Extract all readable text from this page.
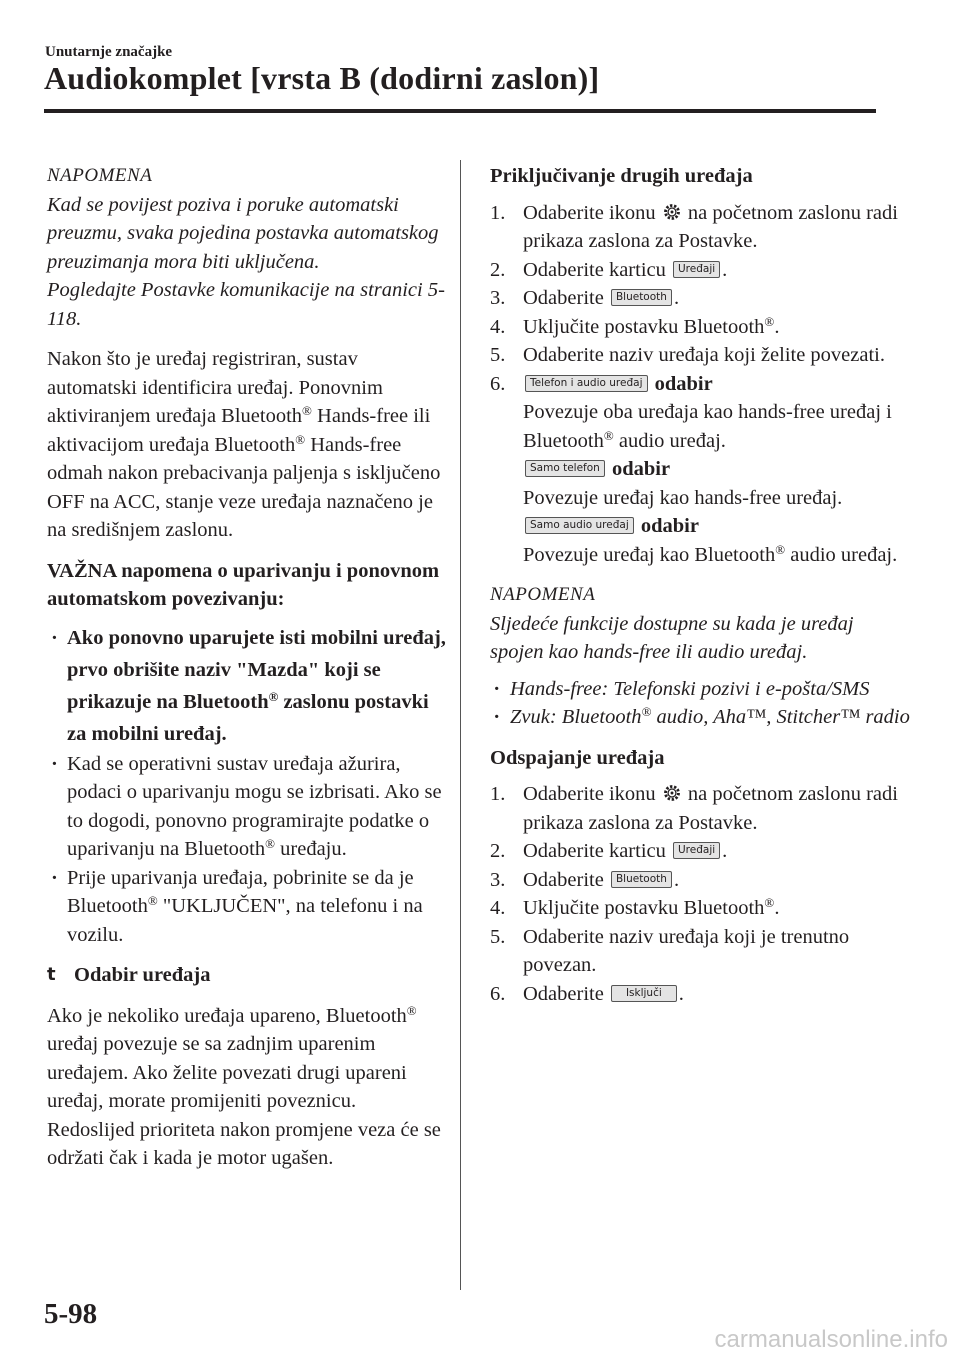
Unutarnje značajke
Audiokomplet [vrsta B (dodirni zaslon)]

NAPOMENA

Kad se povijest poziva i poruke automatski preuzmu, svaka pojedina postavka automatskog preuzimanja mora biti uključena.

Pogledajte Postavke komunikacije na stranici 5-118.

Nakon što je uređaj registriran, sustav automatski identificira uređaj. Ponovnim aktiviranjem uređaja Bluetooth® Hands-free ili aktivacijom uređaja Bluetooth® Hands-free odmah nakon prebacivanja paljenja s isključeno OFF na ACC, stanje veze uređaja naznačeno je na središnjem zaslonu.

VAŽNA napomena o uparivanju i ponovnom automatskom povezivanju:

· Ako ponovno uparujete isti mobilni uređaj, prvo obrišite naziv "Mazda" koji se prikazuje na Bluetooth® zaslonu postavki za mobilni uređaj.
· Kad se operativni sustav uređaja ažurira, podaci o uparivanju mogu se izbrisati. Ako se to dogodi, ponovno programirajte podatke o uparivanju na Bluetooth® uređaju.
· Prije uparivanja uređaja, pobrinite se da je Bluetooth® "UKLJUČEN", na telefonu i na vozilu.

t Odabir uređaja

Ako je nekoliko uređaja upareno, Bluetooth® uređaj povezuje se sa zadnjim uparenim uređajem. Ako želite povezati drugi upareni uređaj, morate promijeniti poveznicu. Redoslijed prioriteta nakon promjene veza će se održati čak i kada je motor ugašen.

Priključivanje drugih uređaja

1. Odaberite ikonu  na početnom zaslonu radi prikaza zaslona za Postavke.
2. Odaberite karticu Uređaji .
3. Odaberite Bluetooth .
4. Uključite postavku Bluetooth®.
5. Odaberite naziv uređaja koji želite povezati.
6. Telefon i audio uređaj odabir
Povezuje oba uređaja kao hands-free uređaj i Bluetooth® audio uređaj.
Samo telefon odabir
Povezuje uređaj kao hands-free uređaj.
Samo audio uređaj odabir
Povezuje uređaj kao Bluetooth® audio uređaj.

NAPOMENA

Sljedeće funkcije dostupne su kada je uređaj spojen kao hands-free ili audio uređaj.

· Hands-free: Telefonski pozivi i e-pošta/SMS
· Zvuk: Bluetooth® audio, Aha™, Stitcher™ radio

Odspajanje uređaja

1. Odaberite ikonu  na početnom zaslonu radi prikaza zaslona za Postavke.
2. Odaberite karticu Uređaji .
3. Odaberite Bluetooth .
4. Uključite postavku Bluetooth®.
5. Odaberite naziv uređaja koji je trenutno povezan.
6. Odaberite Isključi .
5-98
carmanualsonline.info
